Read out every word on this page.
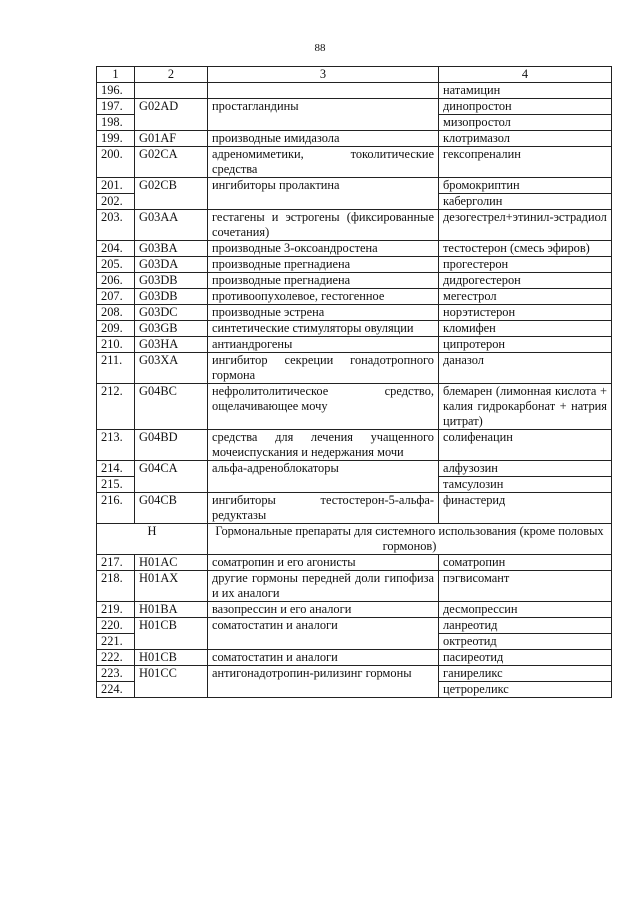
88
1	2	3	4
196.			натамицин
197.	G02AD	простагландины	динопростон
198.			мизопростол
199.	G01AF	производные имидазола	клотримазол
200.	G02CA	адреномиметики, токолитические средства	гексопреналин
201.	G02CB	ингибиторы пролактина	бромокриптин
202.			каберголин
203.	G03AA	гестагены и эстрогены (фиксированные сочетания)	дезогестрел+этинил-эстрадиол
204.	G03BA	производные 3-оксоандростена	тестостерон (смесь эфиров)
205.	G03DA	производные прегнадиена	прогестерон
206.	G03DB	производные прегнадиена	дидрогестерон
207.	G03DB	противоопухолевое, гестогенное	мегестрол
208.	G03DC	производные эстрена	норэтистерон
209.	G03GB	синтетические стимуляторы овуляции	кломифен
210.	G03HA	антиандрогены	ципротерон
211.	G03XA	ингибитор секреции гонадотропного гормона	даназол
212.	G04BC	нефролитолитическое средство, ощелачивающее мочу	блемарен (лимонная кислота + калия гидрокарбонат + натрия цитрат)
213.	G04BD	средства для лечения учащенного мочеиспускания и недержания мочи	солифенацин
214.	G04CA	альфа-адреноблокаторы	алфузозин
215.			тамсулозин
216.	G04CB	ингибиторы тестостерон-5-альфа-редуктазы	финастерид
H		Гормональные препараты для системного использования (кроме половых гормонов)	
217.	H01AC	соматропин и его агонисты	соматропин
218.	H01AX	другие гормоны передней доли гипофиза и их аналоги	пэгвисомант
219.	H01BA	вазопрессин и его аналоги	десмопрессин
220.	H01CB	соматостатин и аналоги	ланреотид
221.			октреотид
222.	H01CB	соматостатин и аналоги	пасиреотид
223.	H01CC	антигонадотропин-рилизинг гормоны	ганиреликс
224.			цетрореликс
